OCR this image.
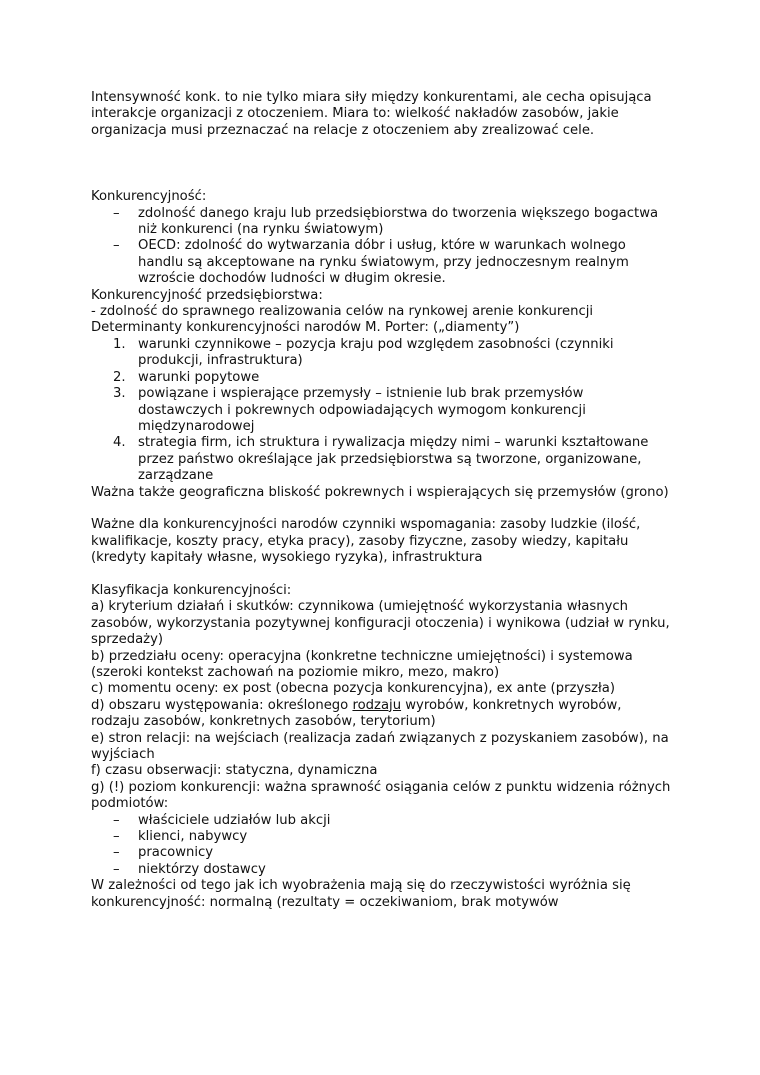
Intensywność konk. to nie tylko miara siły między konkurentami, ale cecha opisująca interakcje organizacji z otoczeniem. Miara to: wielkość nakładów zasobów, jakie organizacja musi przeznaczać na relacje z otoczeniem aby zrealizować cele.

Konkurencyjność:

– zdolność danego kraju lub przedsiębiorstwa do tworzenia większego bogactwa niż konkurenci (na rynku światowym)
– OECD: zdolność do wytwarzania dóbr i usług, które w warunkach wolnego handlu są akceptowane na rynku światowym, przy jednoczesnym realnym wzroście dochodów ludności w długim okresie.

Konkurencyjność przedsiębiorstwa:

- zdolność do sprawnego realizowania celów na rynkowej arenie konkurencji

Determinanty konkurencyjności narodów M. Porter: („diamenty”)

1. warunki czynnikowe – pozycja kraju pod względem zasobności (czynniki produkcji, infrastruktura)
2. warunki popytowe
3. powiązane i wspierające przemysły – istnienie lub brak przemysłów dostawczych i pokrewnych odpowiadających wymogom konkurencji międzynarodowej
4. strategia firm, ich struktura i rywalizacja między nimi – warunki kształtowane przez państwo określające jak przedsiębiorstwa są tworzone, organizowane, zarządzane

Ważna także geograficzna bliskość pokrewnych i wspierających się przemysłów (grono)

Ważne dla konkurencyjności narodów czynniki wspomagania: zasoby ludzkie (ilość, kwalifikacje, koszty pracy, etyka pracy), zasoby fizyczne, zasoby wiedzy, kapitału (kredyty kapitały własne, wysokiego ryzyka), infrastruktura

Klasyfikacja konkurencyjności:

a) kryterium działań i skutków: czynnikowa (umiejętność wykorzystania własnych zasobów, wykorzystania pozytywnej konfiguracji otoczenia) i wynikowa (udział w rynku, sprzedaży)

b) przedziału oceny: operacyjna (konkretne techniczne umiejętności) i systemowa (szeroki kontekst zachowań na poziomie mikro, mezo, makro)

c) momentu oceny: ex post (obecna pozycja konkurencyjna), ex ante (przyszła)

d) obszaru występowania: określonego rodzaju wyrobów, konkretnych wyrobów, rodzaju zasobów, konkretnych zasobów, terytorium)

e) stron relacji: na wejściach (realizacja zadań związanych z pozyskaniem zasobów), na wyjściach

f) czasu obserwacji: statyczna, dynamiczna

g) (!) poziom konkurencji: ważna sprawność osiągania celów z punktu widzenia różnych podmiotów:

– właściciele udziałów lub akcji
– klienci, nabywcy
– pracownicy
– niektórzy dostawcy

W zależności od tego jak ich wyobrażenia mają się do rzeczywistości wyróżnia się konkurencyjność: normalną (rezultaty = oczekiwaniom, brak motywów
